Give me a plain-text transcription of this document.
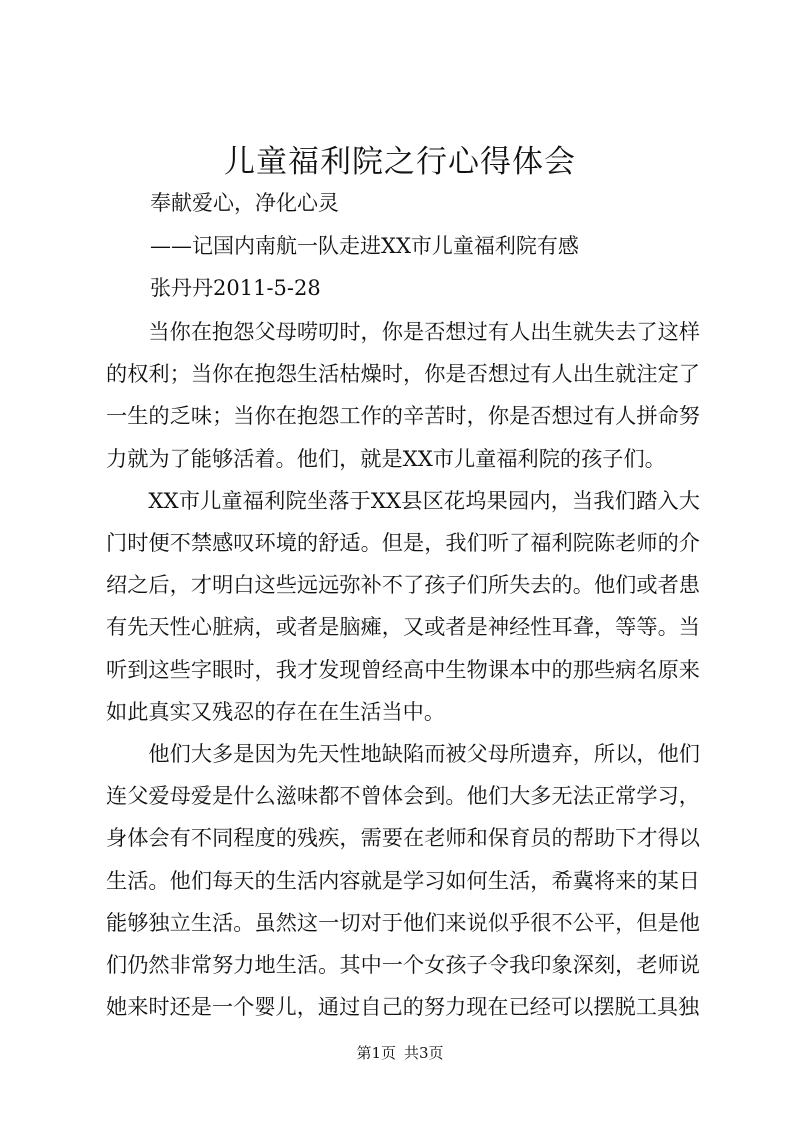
儿童福利院之行心得体会
奉献爱心，净化心灵
——记国内南航一队走进XX市儿童福利院有感
张丹丹2011-5-28

当你在抱怨父母唠叨时，你是否想过有人出生就失去了这样的权利；当你在抱怨生活枯燥时，你是否想过有人出生就注定了一生的乏味；当你在抱怨工作的辛苦时，你是否想过有人拼命努力就为了能够活着。他们，就是XX市儿童福利院的孩子们。

XX市儿童福利院坐落于XX县区花坞果园内，当我们踏入大门时便不禁感叹环境的舒适。但是，我们听了福利院陈老师的介绍之后，才明白这些远远弥补不了孩子们所失去的。他们或者患有先天性心脏病，或者是脑瘫，又或者是神经性耳聋，等等。当听到这些字眼时，我才发现曾经高中生物课本中的那些病名原来如此真实又残忍的存在在生活当中。

他们大多是因为先天性地缺陷而被父母所遗弃，所以，他们连父爱母爱是什么滋味都不曾体会到。他们大多无法正常学习，身体会有不同程度的残疾，需要在老师和保育员的帮助下才得以生活。他们每天的生活内容就是学习如何生活，希冀将来的某日能够独立生活。虽然这一切对于他们来说似乎很不公平，但是他们仍然非常努力地生活。其中一个女孩子令我印象深刻，老师说她来时还是一个婴儿，通过自己的努力现在已经可以摆脱工具独

第1页 共3页
